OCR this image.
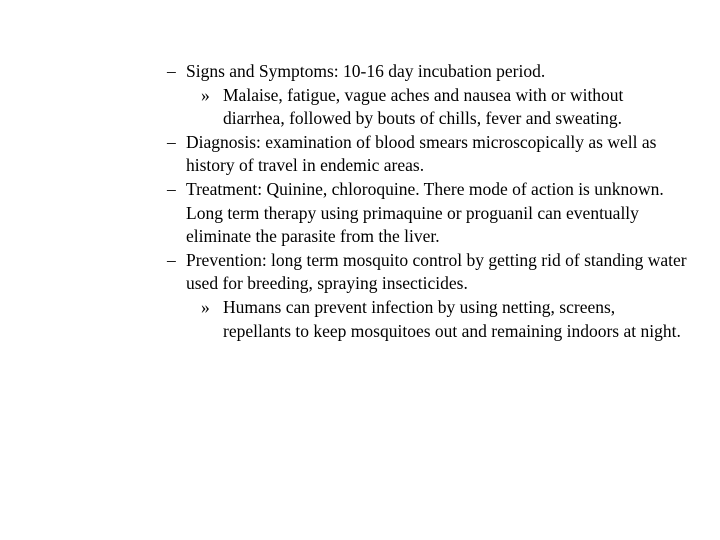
– Signs and Symptoms: 10-16 day incubation period.
» Malaise, fatigue, vague aches and nausea with or without diarrhea, followed by bouts of chills, fever and sweating.
– Diagnosis: examination of blood smears microscopically as well as history of travel in endemic areas.
– Treatment: Quinine, chloroquine. There mode of action is unknown. Long term therapy using primaquine or proguanil can eventually eliminate the parasite from the liver.
– Prevention: long term mosquito control by getting rid of standing water used for breeding, spraying insecticides.
» Humans can prevent infection by using netting, screens, repellants to keep mosquitoes out and remaining indoors at night.
